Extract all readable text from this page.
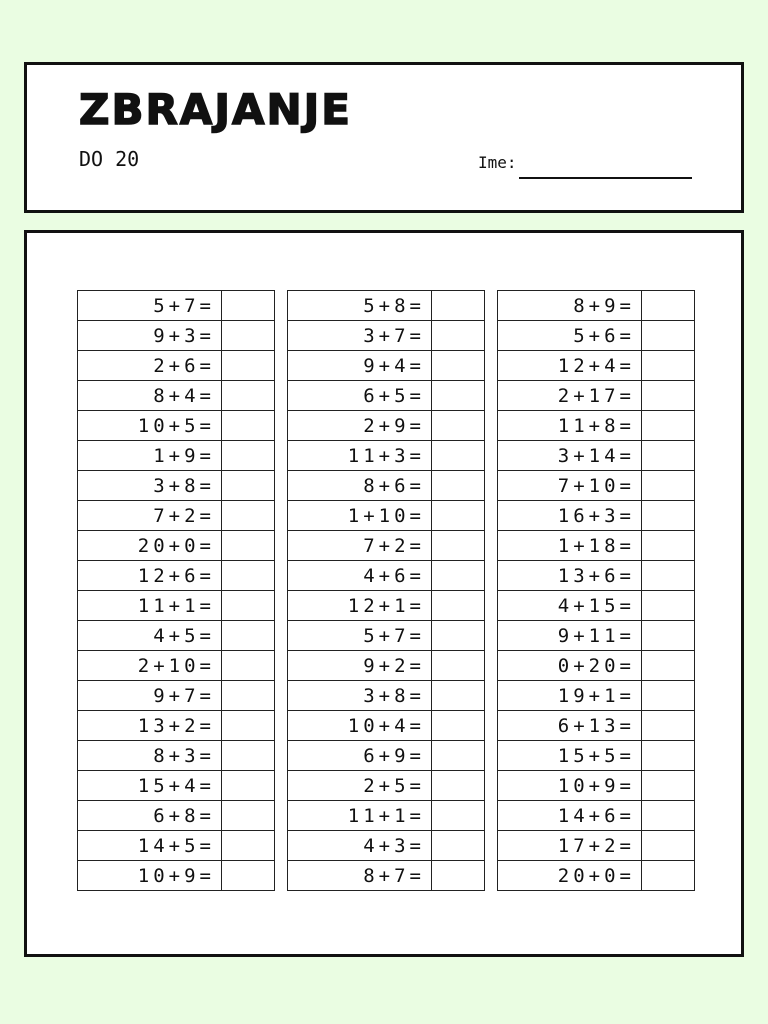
ZBRAJANJE
DO 20	Ime:
5+7=	
9+3=	
2+6=	
8+4=	
10+5=	
1+9=	
3+8=	
7+2=	
20+0=	
12+6=	
11+1=	
4+5=	
2+10=	
9+7=	
13+2=	
8+3=	
15+4=	
6+8=	
14+5=	
10+9=	
5+8=	
3+7=	
9+4=	
6+5=	
2+9=	
11+3=	
8+6=	
1+10=	
7+2=	
4+6=	
12+1=	
5+7=	
9+2=	
3+8=	
10+4=	
6+9=	
2+5=	
11+1=	
4+3=	
8+7=	
8+9=	
5+6=	
12+4=	
2+17=	
11+8=	
3+14=	
7+10=	
16+3=	
1+18=	
13+6=	
4+15=	
9+11=	
0+20=	
19+1=	
6+13=	
15+5=	
10+9=	
14+6=	
17+2=	
20+0=	
